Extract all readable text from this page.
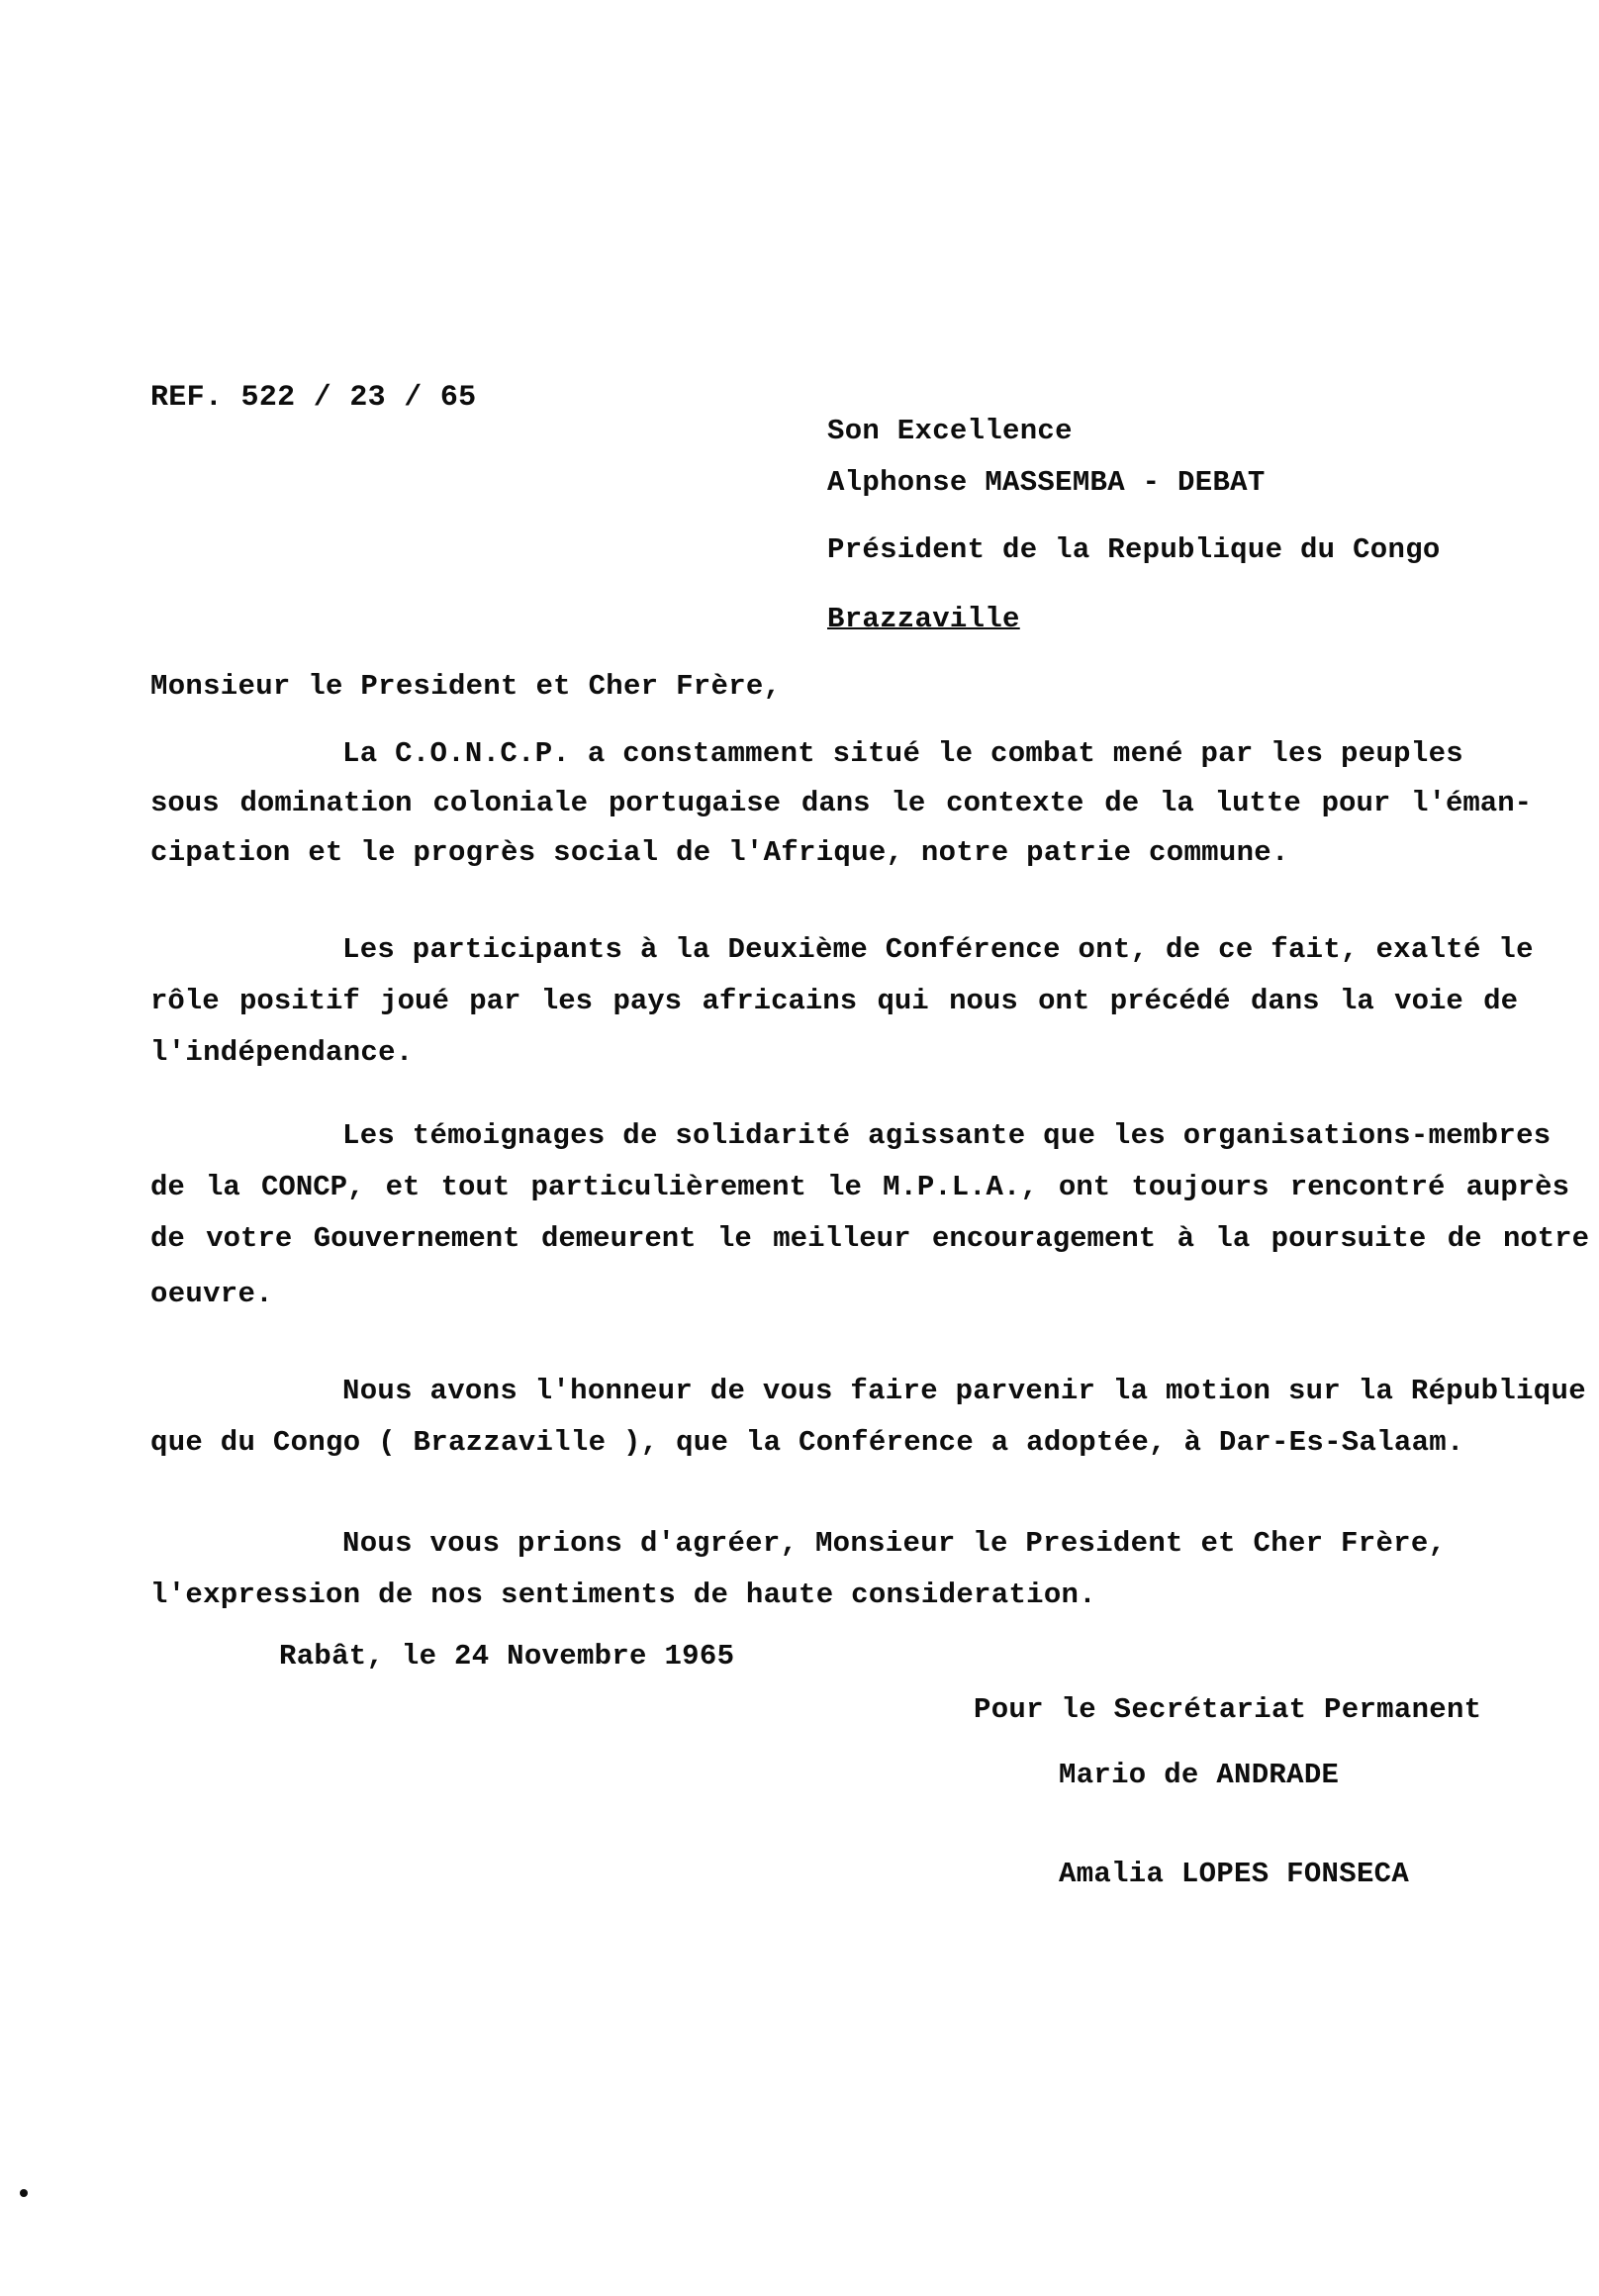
REF. 522 / 23 / 65
Son Excellence
Alphonse MASSEMBA - DEBAT
Président de la Republique du Congo
Brazzaville
Monsieur le President et Cher Frère,
La C.O.N.C.P. a constamment situé le combat mené par les peuples
sous domination coloniale portugaise dans le contexte de la lutte pour l'éman-
cipation et le progrès social de l'Afrique, notre patrie commune.
Les participants à la Deuxième Conférence ont, de ce fait, exalté le
rôle positif joué par les pays africains qui nous ont précédé dans la voie de
l'indépendance.
Les témoignages de solidarité agissante que les organisations-membres
de la CONCP, et tout particulièrement le M.P.L.A., ont toujours rencontré auprès
de votre Gouvernement demeurent le meilleur encouragement à la poursuite de notre
oeuvre.
Nous avons l'honneur de vous faire parvenir la motion sur la République
que du Congo ( Brazzaville ), que la Conférence a adoptée, à Dar-Es-Salaam.
Nous vous prions d'agréer, Monsieur le President et Cher Frère,
l'expression de nos sentiments de haute consideration.
Rabât, le 24 Novembre 1965
Pour le Secrétariat Permanent
Mario de ANDRADE
Amalia LOPES FONSECA
